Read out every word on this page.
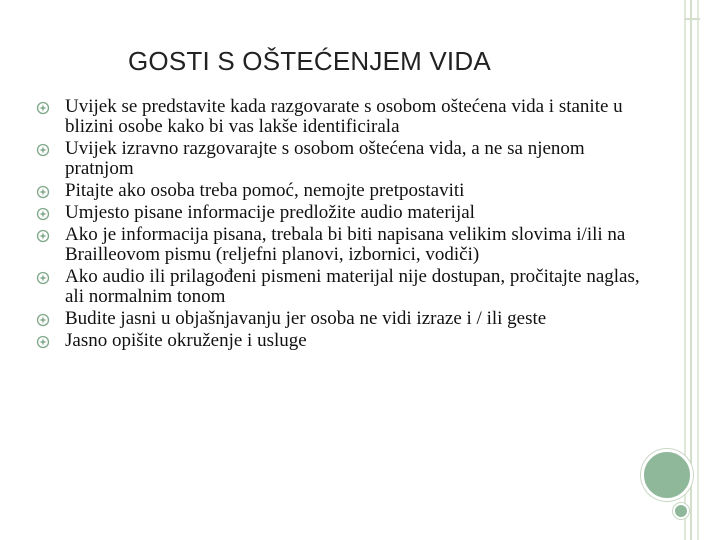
GOSTI S OŠTEĆENJEM VIDA
Uvijek se predstavite kada razgovarate s osobom oštećena vida i stanite u blizini osobe kako bi vas lakše identificirala
Uvijek izravno razgovarajte s osobom oštećena vida, a ne sa njenom pratnjom
Pitajte ako osoba treba pomoć, nemojte pretpostaviti
Umjesto pisane informacije predložite audio materijal
Ako je informacija pisana, trebala bi biti napisana velikim slovima i/ili na Brailleovom pismu (reljefni planovi, izbornici, vodiči)
Ako audio ili prilagođeni pismeni materijal nije dostupan, pročitajte naglas, ali normalnim tonom
Budite jasni u objašnjavanju jer osoba ne vidi izraze i / ili geste
Jasno opišite okruženje i usluge
